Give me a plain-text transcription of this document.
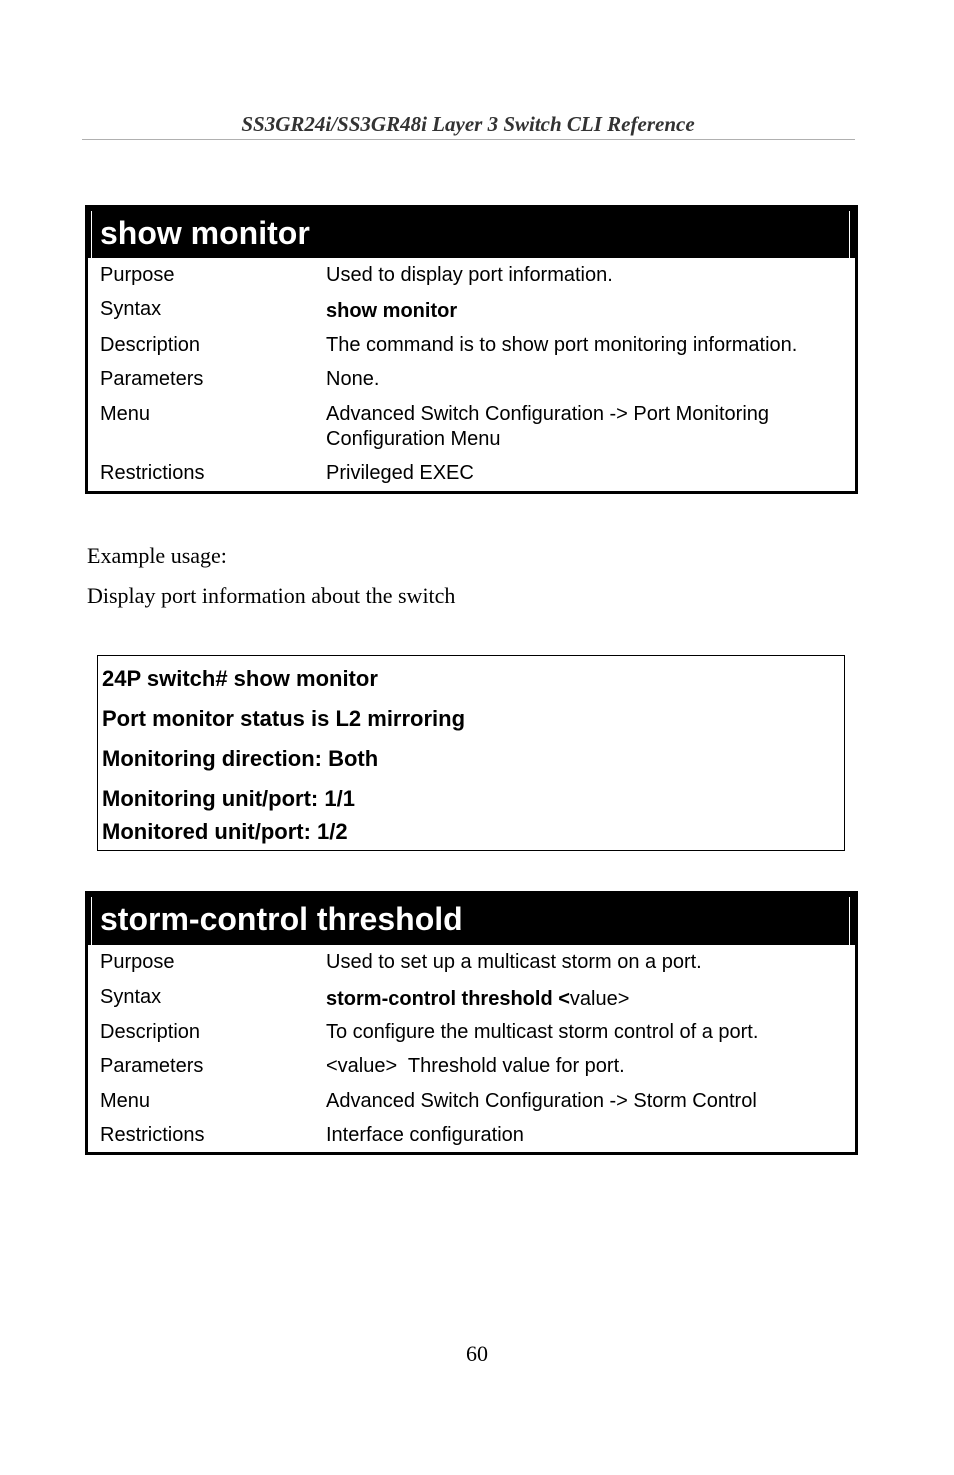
SS3GR24i/SS3GR48i Layer 3 Switch CLI Reference
show monitor
Purpose	Used to display port information.
Syntax	show monitor
Description	The command is to show port monitoring information.
Parameters	None.
Menu	Advanced Switch Configuration -> Port Monitoring
Configuration Menu
Restrictions	Privileged EXEC
Example usage:
Display port information about the switch
24P switch# show monitor
Port monitor status is L2 mirroring
Monitoring direction: Both
Monitoring unit/port: 1/1
Monitored unit/port: 1/2
storm-control threshold
Purpose	Used to set up a multicast storm on a port.
Syntax	storm-control threshold <value>
Description	To configure the multicast storm control of a port.
Parameters	<value>  Threshold value for port.
Menu	Advanced Switch Configuration -> Storm Control
Restrictions	Interface configuration
60
